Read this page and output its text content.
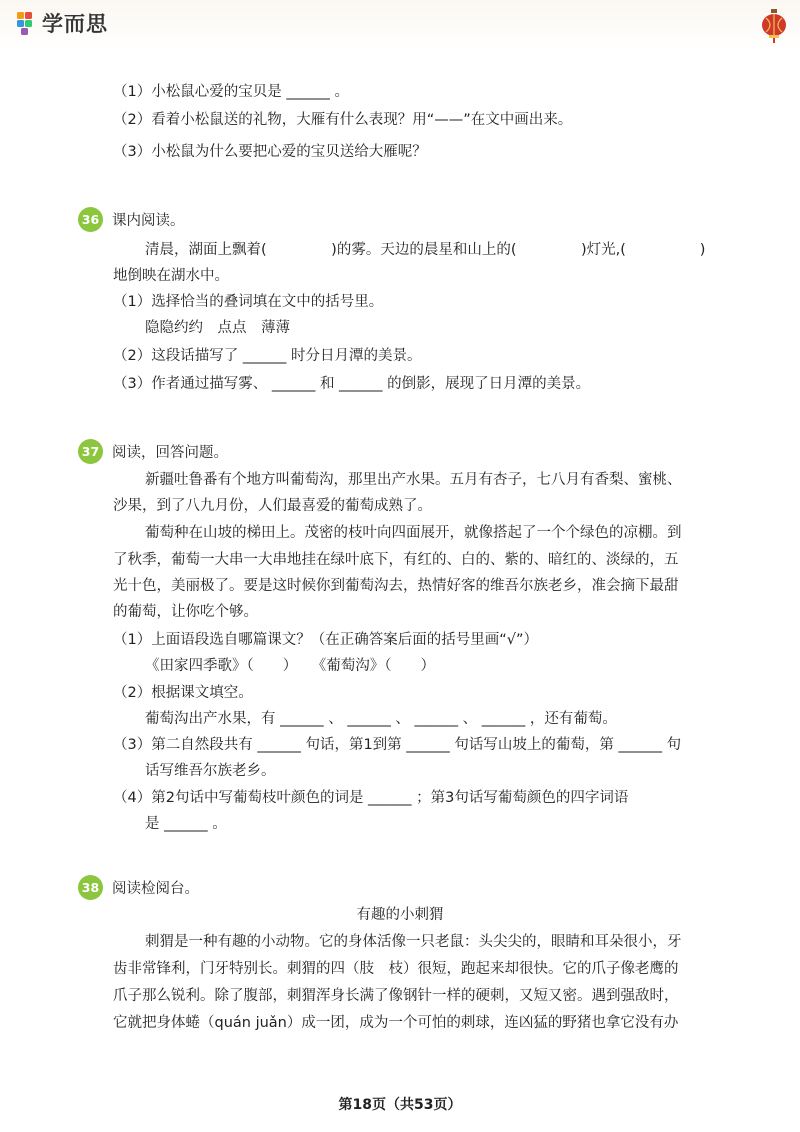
学而思
（1）小松鼠心爱的宝贝是 ______ 。
（2）看着小松鼠送的礼物，大雁有什么表现？用“——”在文中画出来。
（3）小松鼠为什么要把心爱的宝贝送给大雁呢？
36 课内阅读。
清晨，湖面上飘着(              )的雾。天边的晨星和山上的(              )灯光,(                )
地倒映在湖水中。
（1）选择恰当的叠词填在文中的括号里。
隐隐约约　点点　薄薄
（2）这段话描写了 ______ 时分日月潭的美景。
（3）作者通过描写雾、 ______ 和 ______ 的倒影，展现了日月潭的美景。
37 阅读，回答问题。
新疆吐鲁番有个地方叫葡萄沟，那里出产水果。五月有杏子，七八月有香梨、蜜桃、
沙果，到了八九月份，人们最喜爱的葡萄成熟了。
葡萄种在山坡的梯田上。茂密的枝叶向四面展开，就像搭起了一个个绿色的凉棚。到
了秋季，葡萄一大串一大串地挂在绿叶底下，有红的、白的、紫的、暗红的、淡绿的，五
光十色，美丽极了。要是这时候你到葡萄沟去，热情好客的维吾尔族老乡，准会摘下最甜
的葡萄，让你吃个够。
（1）上面语段选自哪篇课文？（在正确答案后面的括号里画“√”）
《田家四季歌》（　　）　　《葡萄沟》（　　）
（2）根据课文填空。
葡萄沟出产水果，有 ______ 、 ______ 、 ______ 、 ______ ，还有葡萄。
（3）第二自然段共有 ______ 句话，第1到第 ______ 句话写山坡上的葡萄，第 ______ 句
话写维吾尔族老乡。
（4）第2句话中写葡萄枝叶颜色的词是 ______ ；第3句话写葡萄颜色的四字词语
是 ______ 。
38 阅读检阅台。
有趣的小刺猬
刺猬是一种有趣的小动物。它的身体活像一只老鼠：头尖尖的，眼睛和耳朵很小，牙
齿非常锋利，门牙特别长。刺猬的四（肢　枝）很短，跑起来却很快。它的爪子像老鹰的
爪子那么锐利。除了腹部，刺猬浑身长满了像钢针一样的硬刺，又短又密。遇到强敌时，
它就把身体蜷（quán juǎn）成一团，成为一个可怕的刺球，连凶猛的野猪也拿它没有办
第18页（共53页）
